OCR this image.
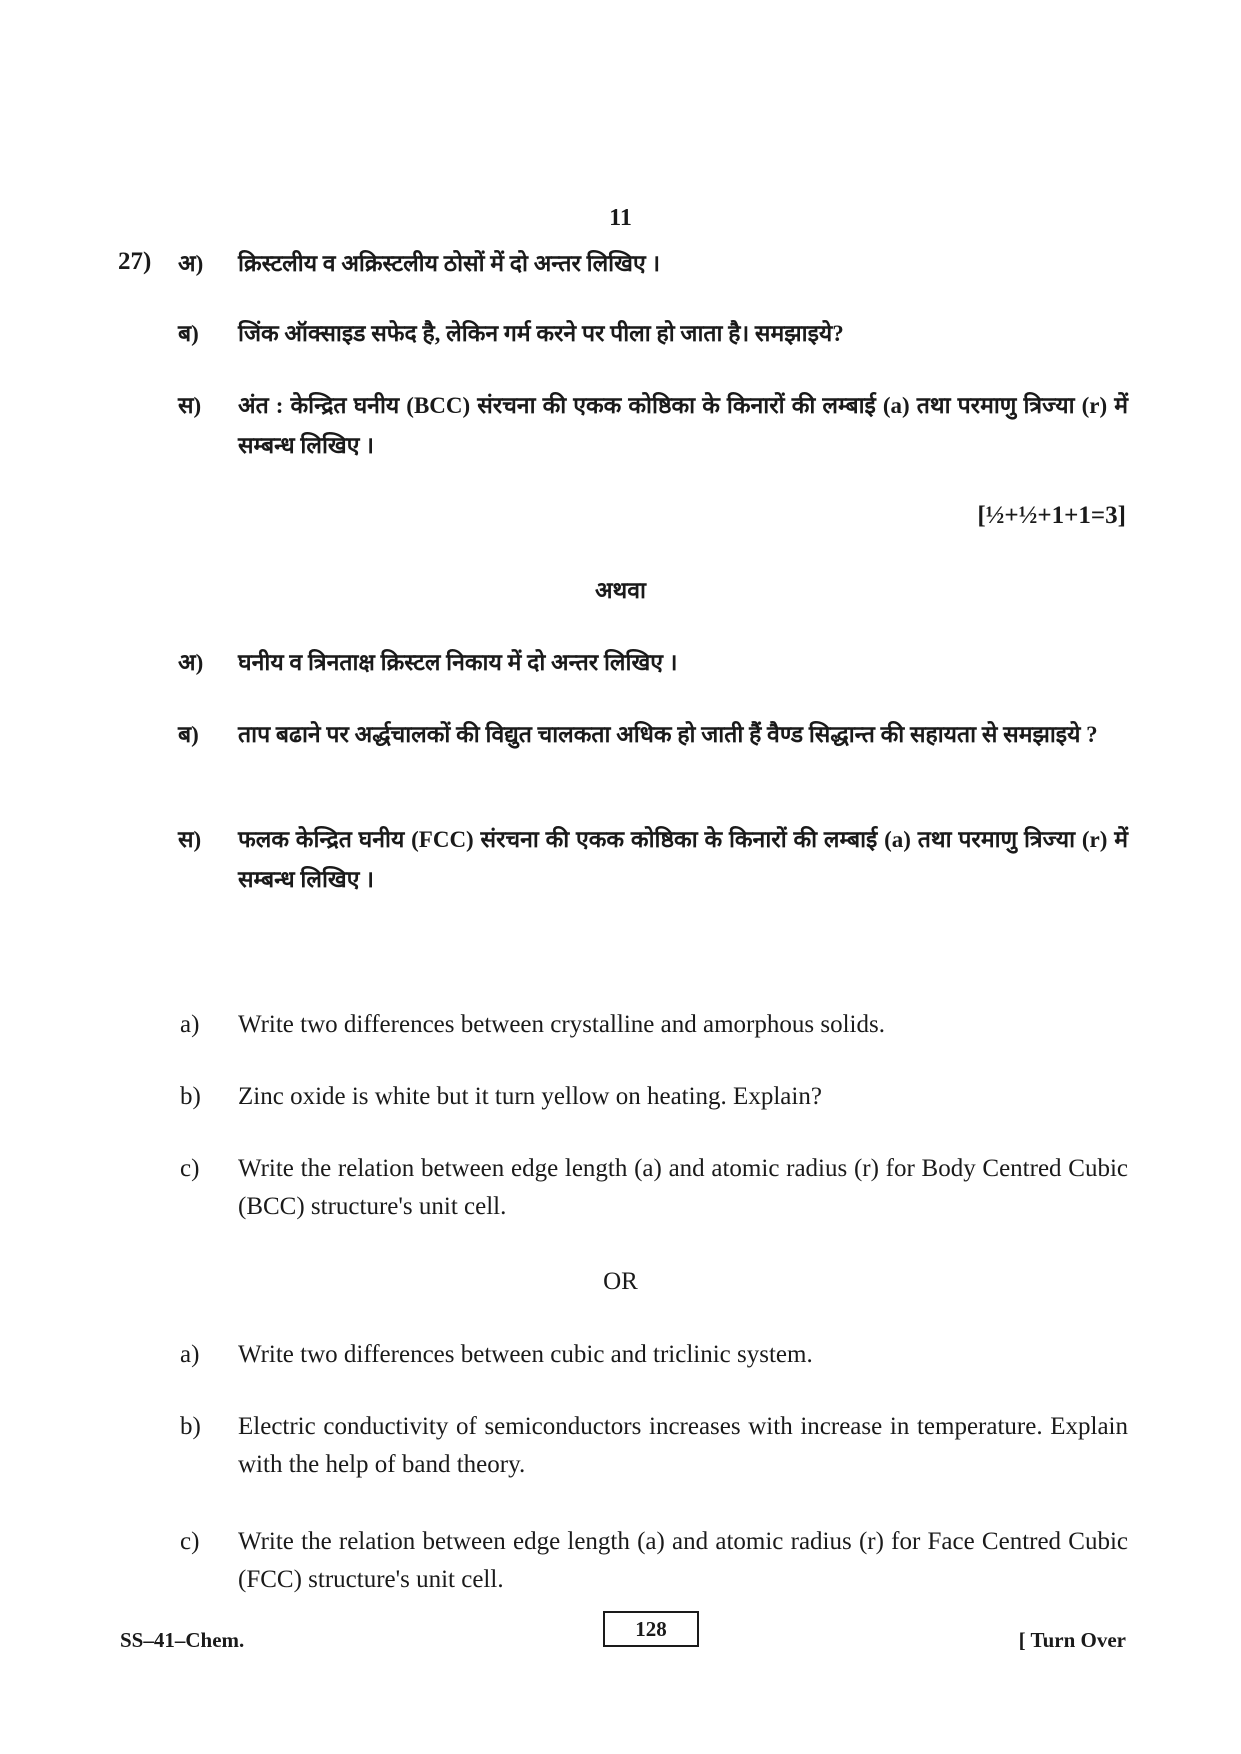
11
27) अ)	क्रिस्टलीय व अक्रिस्टलीय ठोसों में दो अन्तर लिखिए ।
ब)	जिंक ऑक्साइड सफेद है, लेकिन गर्म करने पर पीला हो जाता है। समझाइये?
स)	अंत : केन्द्रित घनीय (BCC) संरचना की एकक कोष्ठिका के किनारों की लम्बाई (a) तथा परमाणु त्रिज्या (r) में सम्बन्ध लिखिए ।
[½+½+1+1=3]
अथवा
अ)	घनीय व त्रिनताक्ष क्रिस्टल निकाय में दो अन्तर लिखिए ।
ब)	ताप बढाने पर अर्द्धचालकों की विद्युत चालकता अधिक हो जाती हैं वैण्ड सिद्धान्त की सहायता से समझाइये ?
स)	फलक केन्द्रित घनीय (FCC) संरचना की एकक कोष्ठिका के किनारों की लम्बाई (a) तथा परमाणु त्रिज्या (r) में सम्बन्ध लिखिए ।
a)	Write two differences between crystalline and amorphous solids.
b)	Zinc oxide is white but it turn yellow on heating. Explain?
c)	Write the relation between edge length (a) and atomic radius (r) for Body Centred Cubic (BCC) structure's unit cell.
OR
a)	Write two differences between cubic and triclinic system.
b)	Electric conductivity of semiconductors increases with increase in temperature. Explain with the help of band theory.
c)	Write the relation between edge length (a) and atomic radius (r) for Face Centred Cubic (FCC) structure's unit cell.
SS–41–Chem.	128	[ Turn Over
